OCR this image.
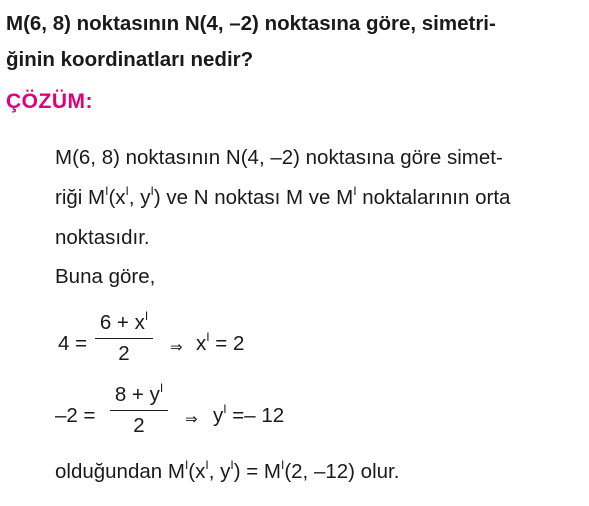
M(6, 8) noktasının N(4, –2) noktasına göre, simetri-
ğinin koordinatları nedir?
ÇÖZÜM:
M(6, 8) noktasının N(4, –2) noktasına göre simet-
riği $M^I(x^I$, $y^I$) ve N noktası M ve $M^I$ noktalarının orta
noktasıdır.
Buna göre,
4 =
$6 + x^I$
2	⇒ $x^I = 2$
–2 =
$8 + y^I$
2	⇒ $y^I =- 12$
olduğundan $M^I(x^I$, $y^I) = M^I(2$, –12) olur.
